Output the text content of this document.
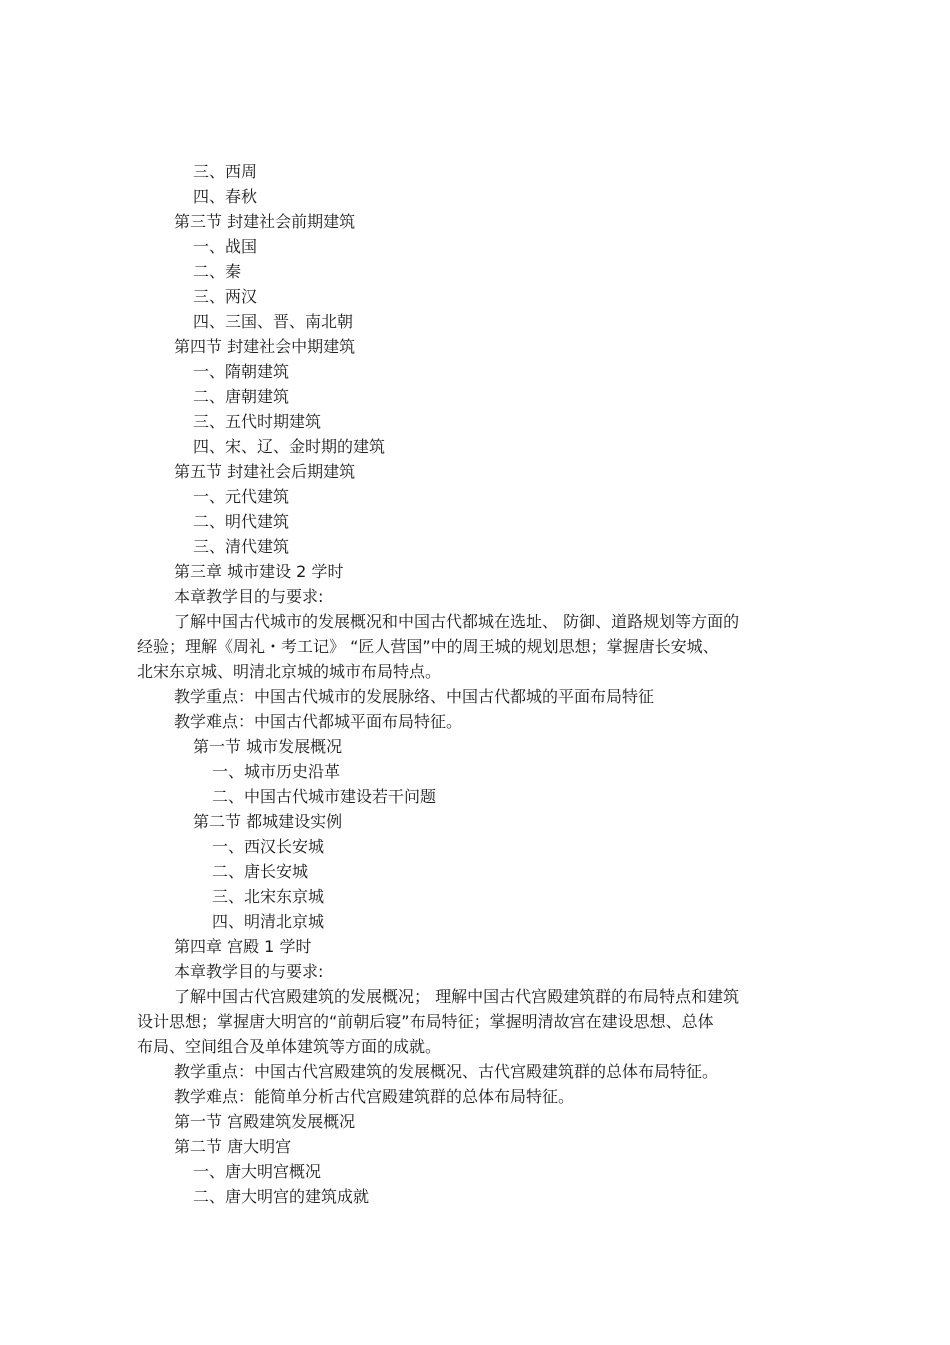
三、西周

四、春秋

第三节 封建社会前期建筑

一、战国

二、秦

三、两汉

四、三国、晋、南北朝

第四节 封建社会中期建筑

一、隋朝建筑

二、唐朝建筑

三、五代时期建筑

四、宋、辽、金时期的建筑

第五节 封建社会后期建筑

一、元代建筑

二、明代建筑

三、清代建筑

第三章 城市建设 2 学时

本章教学目的与要求:

了解中国古代城市的发展概况和中国古代都城在选址、 防御、道路规划等方面的

经验；理解《周礼・考工记》 “匠人营国”中的周王城的规划思想；掌握唐长安城、

北宋东京城、明清北京城的城市布局特点。

教学重点：中国古代城市的发展脉络、中国古代都城的平面布局特征

教学难点：中国古代都城平面布局特征。

第一节 城市发展概况

一、城市历史沿革

二、中国古代城市建设若干问题

第二节 都城建设实例

一、西汉长安城

二、唐长安城

三、北宋东京城

四、明清北京城

第四章 宫殿 1 学时

本章教学目的与要求:

了解中国古代宫殿建筑的发展概况； 理解中国古代宫殿建筑群的布局特点和建筑

设计思想；掌握唐大明宫的“前朝后寝”布局特征；掌握明清故宫在建设思想、总体

布局、空间组合及单体建筑等方面的成就。

教学重点：中国古代宫殿建筑的发展概况、古代宫殿建筑群的总体布局特征。

教学难点：能简单分析古代宫殿建筑群的总体布局特征。

第一节 宫殿建筑发展概况

第二节 唐大明宫

一、唐大明宫概况

二、唐大明宫的建筑成就
